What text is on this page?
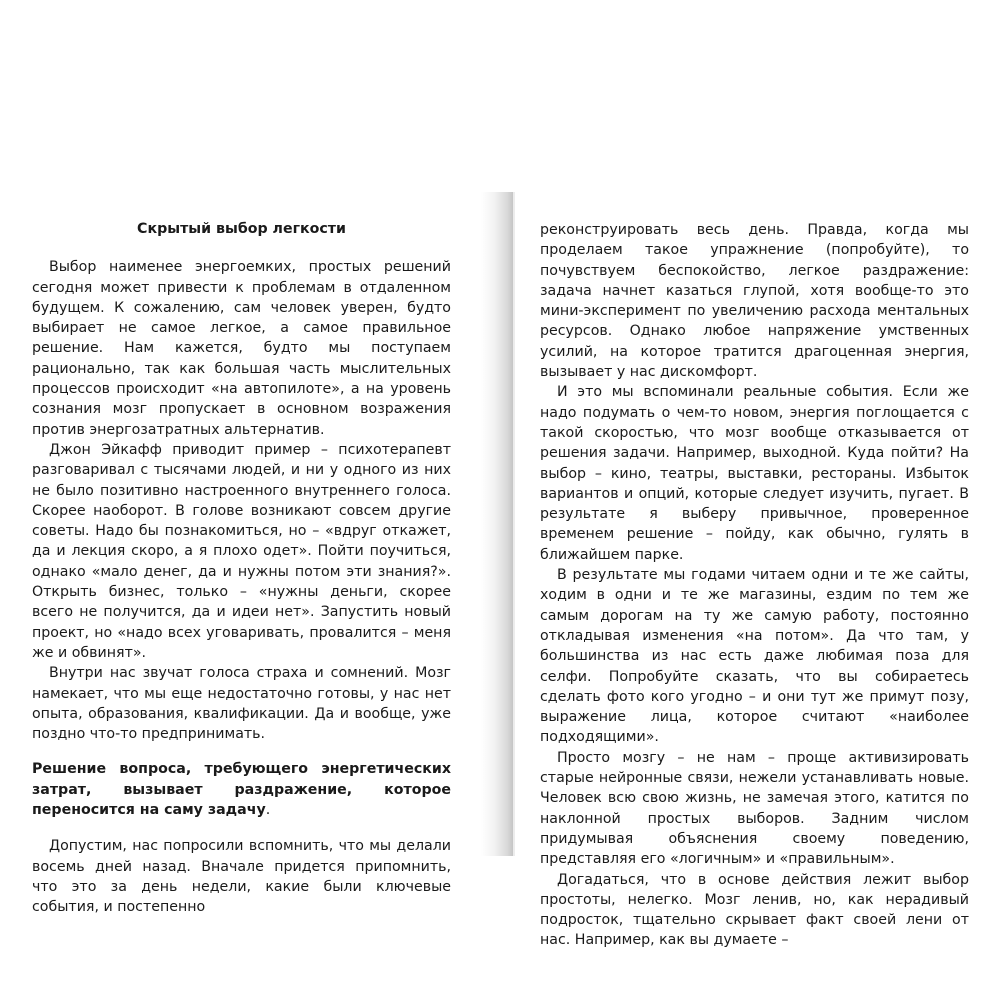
Скрытый выбор легкости

Выбор наименее энергоемких, простых решений сегодня может привести к проблемам в отдаленном будущем. К сожалению, сам человек уверен, будто выбирает не самое легкое, а самое правильное решение. Нам кажется, будто мы поступаем рационально, так как большая часть мыслительных процессов происходит «на автопилоте», а на уровень сознания мозг пропускает в основном возражения против энергозатратных альтернатив.

Джон Эйкафф приводит пример – психотерапевт разговаривал с тысячами людей, и ни у одного из них не было позитивно настроенного внутреннего голоса. Скорее наоборот. В голове возникают совсем другие советы. Надо бы познакомиться, но – «вдруг откажет, да и лекция скоро, а я плохо одет». Пойти поучиться, однако «мало денег, да и нужны потом эти знания?». Открыть бизнес, только – «нужны деньги, скорее всего не получится, да и идеи нет». Запустить новый проект, но «надо всех уговаривать, провалится – меня же и обвинят».

Внутри нас звучат голоса страха и сомнений. Мозг намекает, что мы еще недостаточно готовы, у нас нет опыта, образования, квалификации. Да и вообще, уже поздно что-то предпринимать.

Решение вопроса, требующего энергетических затрат, вызывает раздражение, которое переносится на саму задачу.

Допустим, нас попросили вспомнить, что мы делали восемь дней назад. Вначале придется припомнить, что это за день недели, какие были ключевые события, и постепенно

реконструировать весь день. Правда, когда мы проделаем такое упражнение (попробуйте), то почувствуем беспокойство, легкое раздражение: задача начнет казаться глупой, хотя вообще-то это мини-эксперимент по увеличению расхода ментальных ресурсов. Однако любое напряжение умственных усилий, на которое тратится драгоценная энергия, вызывает у нас дискомфорт.

И это мы вспоминали реальные события. Если же надо подумать о чем-то новом, энергия поглощается с такой скоростью, что мозг вообще отказывается от решения задачи. Например, выходной. Куда пойти? На выбор – кино, театры, выставки, рестораны. Избыток вариантов и опций, которые следует изучить, пугает. В результате я выберу привычное, проверенное временем решение – пойду, как обычно, гулять в ближайшем парке.

В результате мы годами читаем одни и те же сайты, ходим в одни и те же магазины, ездим по тем же самым дорогам на ту же самую работу, постоянно откладывая изменения «на потом». Да что там, у большинства из нас есть даже любимая поза для селфи. Попробуйте сказать, что вы собираетесь сделать фото кого угодно – и они тут же примут позу, выражение лица, которое считают «наиболее подходящими».

Просто мозгу – не нам – проще активизировать старые нейронные связи, нежели устанавливать новые. Человек всю свою жизнь, не замечая этого, катится по наклонной простых выборов. Задним числом придумывая объяснения своему поведению, представляя его «логичным» и «правильным».

Догадаться, что в основе действия лежит выбор простоты, нелегко. Мозг ленив, но, как нерадивый подросток, тщательно скрывает факт своей лени от нас. Например, как вы думаете –
